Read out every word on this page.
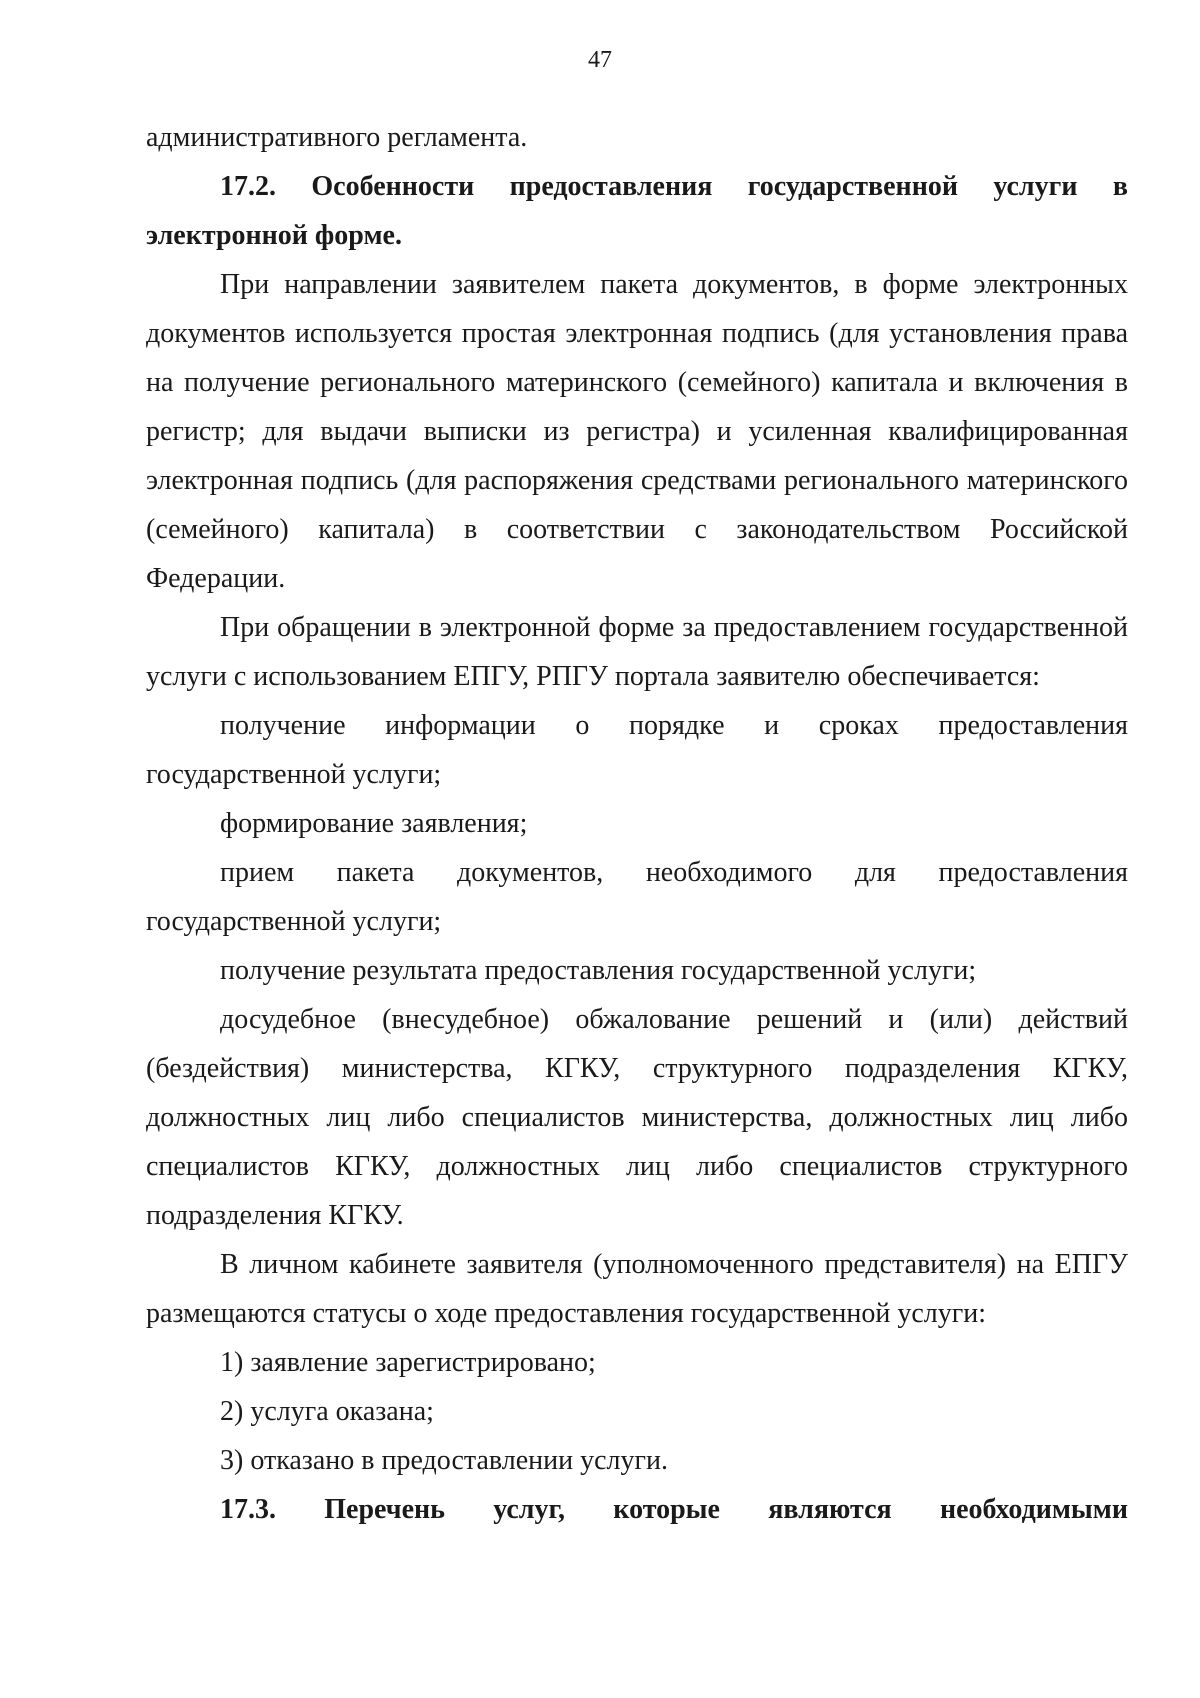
47

административного регламента.

17.2. Особенности предоставления государственной услуги в электронной форме.

При направлении заявителем пакета документов, в форме электронных документов используется простая электронная подпись (для установления права на получение регионального материнского (семейного) капитала и включения в регистр; для выдачи выписки из регистра) и усиленная квалифицированная электронная подпись (для распоряжения средствами регионального материнского (семейного) капитала) в соответствии с законодательством Российской Федерации.

При обращении в электронной форме за предоставлением государственной услуги с использованием ЕПГУ, РПГУ портала заявителю обеспечивается:

получение информации о порядке и сроках предоставления государственной услуги;

формирование заявления;

прием пакета документов, необходимого для предоставления государственной услуги;

получение результата предоставления государственной услуги;

досудебное (внесудебное) обжалование решений и (или) действий (бездействия) министерства, КГКУ, структурного подразделения КГКУ, должностных лиц либо специалистов министерства, должностных лиц либо специалистов КГКУ, должностных лиц либо специалистов структурного подразделения КГКУ.

В личном кабинете заявителя (уполномоченного представителя) на ЕПГУ размещаются статусы о ходе предоставления государственной услуги:

1) заявление зарегистрировано;

2) услуга оказана;

3) отказано в предоставлении услуги.

17.3. Перечень услуг, которые являются необходимыми
